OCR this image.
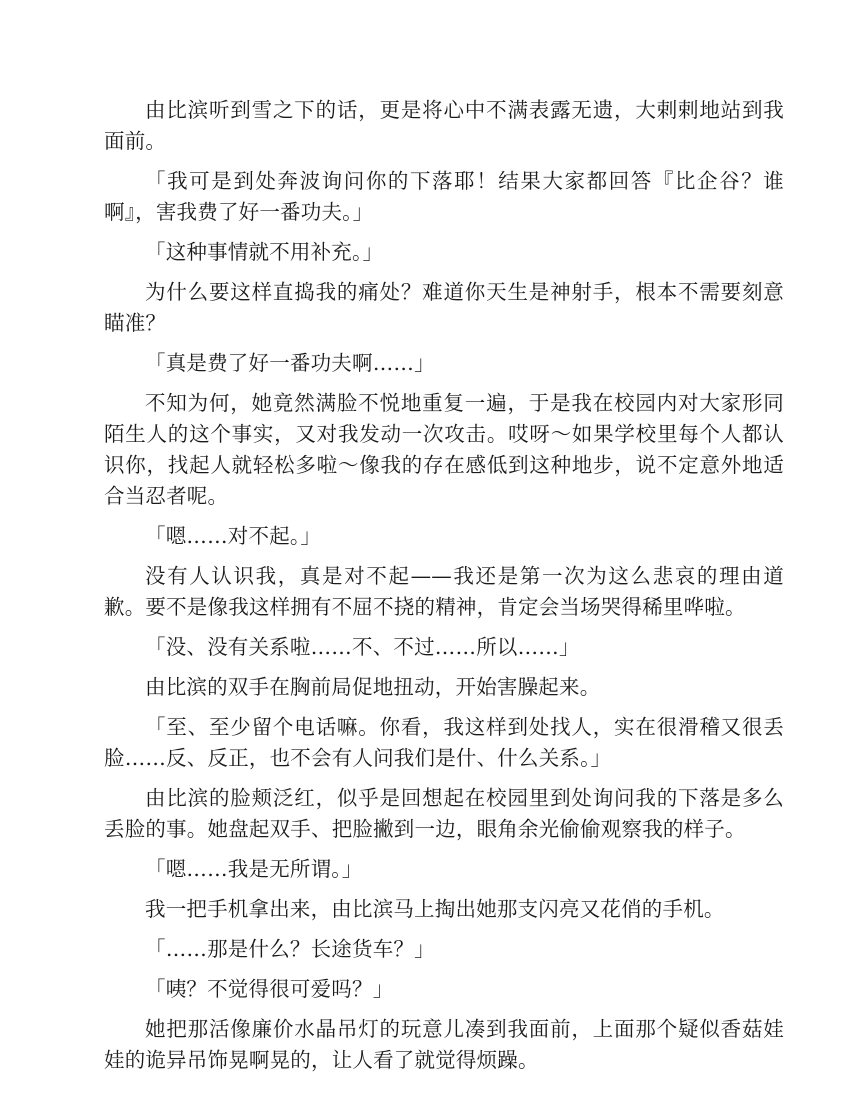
由比滨听到雪之下的话，更是将心中不满表露无遗，大剌剌地站到我面前。

「我可是到处奔波询问你的下落耶！结果大家都回答『比企谷？谁啊』，害我费了好一番功夫。」

「这种事情就不用补充。」

为什么要这样直捣我的痛处？难道你天生是神射手，根本不需要刻意瞄准？

「真是费了好一番功夫啊……」

不知为何，她竟然满脸不悦地重复一遍，于是我在校园内对大家形同陌生人的这个事实，又对我发动一次攻击。哎呀～如果学校里每个人都认识你，找起人就轻松多啦～像我的存在感低到这种地步，说不定意外地适合当忍者呢。

「嗯……对不起。」

没有人认识我，真是对不起——我还是第一次为这么悲哀的理由道歉。要不是像我这样拥有不屈不挠的精神，肯定会当场哭得稀里哗啦。

「没、没有关系啦……不、不过……所以……」

由比滨的双手在胸前局促地扭动，开始害臊起来。

「至、至少留个电话嘛。你看，我这样到处找人，实在很滑稽又很丢脸……反、反正，也不会有人问我们是什、什么关系。」

由比滨的脸颊泛红，似乎是回想起在校园里到处询问我的下落是多么丢脸的事。她盘起双手、把脸撇到一边，眼角余光偷偷观察我的样子。

「嗯……我是无所谓。」

我一把手机拿出来，由比滨马上掏出她那支闪亮又花俏的手机。

「……那是什么？长途货车？」

「咦？不觉得很可爱吗？」

她把那活像廉价水晶吊灯的玩意儿凑到我面前，上面那个疑似香菇娃娃的诡异吊饰晃啊晃的，让人看了就觉得烦躁。
